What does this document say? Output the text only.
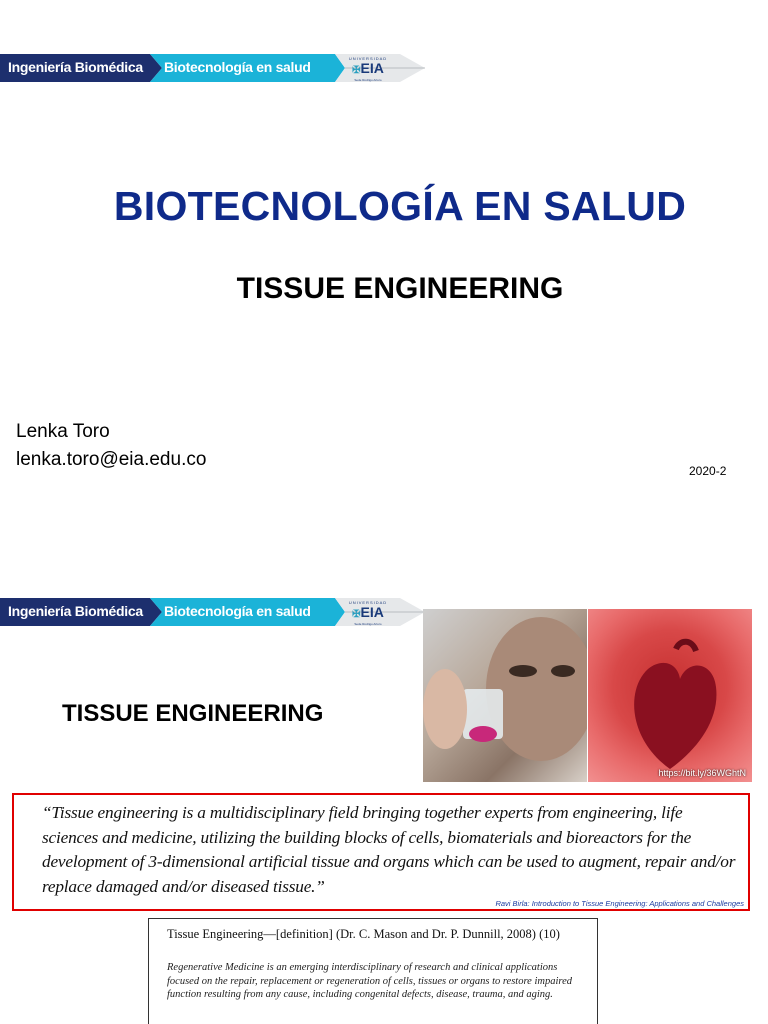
Ingeniería Biomédica Biotecnología en salud
UNIVERSIDAD
✠EIA
Sede Rodrigo Arturo
BIOTECNOLOGÍA EN SALUD
TISSUE ENGINEERING
Lenka Toro
lenka.toro@eia.edu.co
2020-2
Ingeniería Biomédica Biotecnología en salud
UNIVERSIDAD
✠EIA
Sede Rodrigo Arturo
TISSUE ENGINEERING
https://bit.ly/36WGhtN
“Tissue engineering is a multidisciplinary field bringing together experts from engineering, life sciences and medicine, utilizing the building blocks of cells, biomaterials and bioreactors for the development of 3-dimensional artificial tissue and organs which can be used to augment, repair and/or replace damaged and/or diseased tissue.”
Ravi Birla: Introduction to Tissue Engineering: Applications and Challenges
Tissue Engineering—[definition] (Dr. C. Mason and Dr. P. Dunnill, 2008) (10)
Regenerative Medicine is an emerging interdisciplinary of research and clinical applications focused on the repair, replacement or regeneration of cells, tissues or organs to restore impaired function resulting from any cause, including congenital defects, disease, trauma, and aging.
